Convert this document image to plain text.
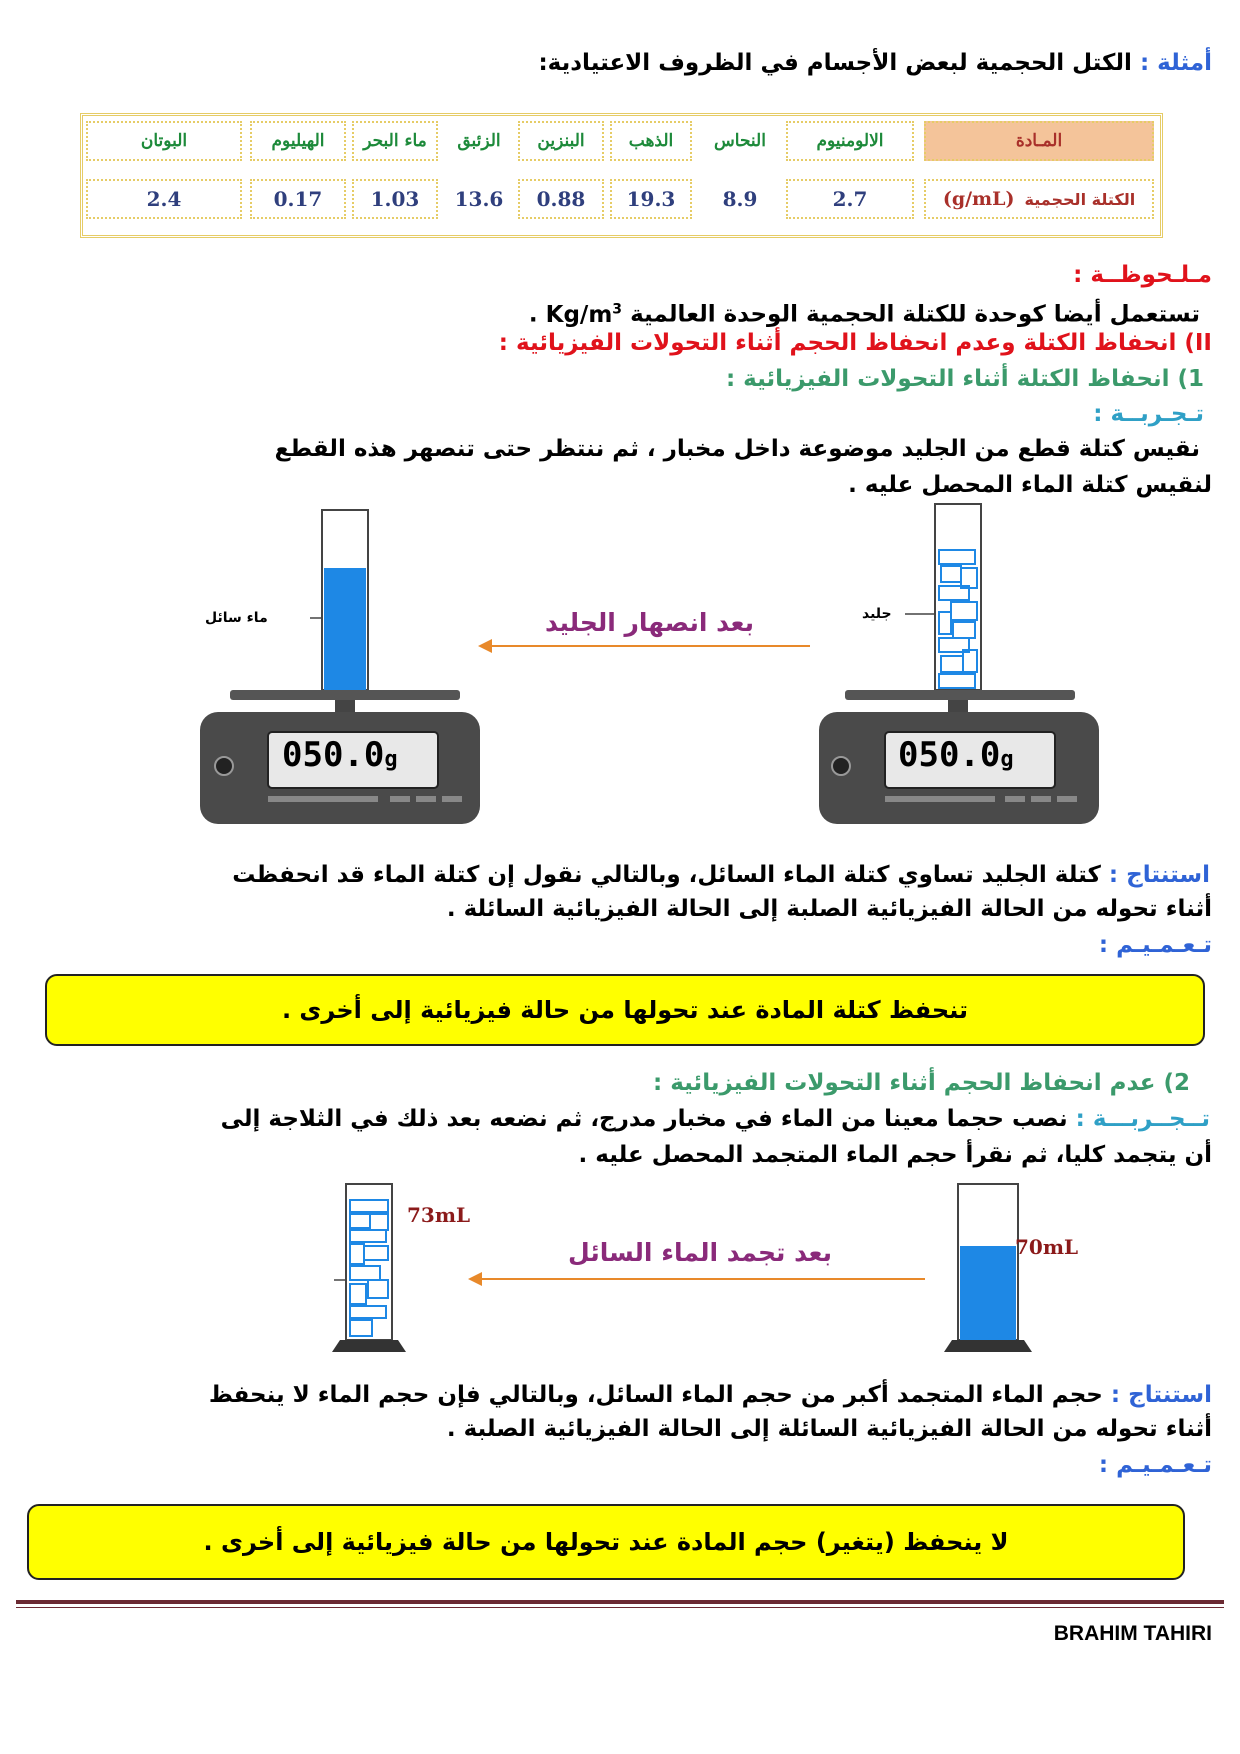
أمثلة : الكتل الحجمية لبعض الأجسام في الظروف الاعتيادية:
المـادة
الكتلة الحجمية
(g/mL)
الالومنيوم
2.7
النحاس
8.9
الذهب
19.3
البنزين
0.88
الزئبق
13.6
ماء البحر
1.03
الهيليوم
0.17
البوتان
2.4
مـلـحوظــة :
تستعمل أيضا كوحدة للكتلة الحجمية الوحدة العالمية $Kg/m^3$ .
II) انحفاظ الكتلة وعدم انحفاظ الحجم أثناء التحولات الفيزيائية :
1) انحفاظ الكتلة أثناء التحولات الفيزيائية :
تـجـربــة :
نقيس كتلة قطع من الجليد موضوعة داخل مخبار ، ثم ننتظر حتى تنصهر هذه القطع
لنقيس كتلة الماء المحصل عليه .
050.0g
ماء سائل	بعد انصهار الجليد
050.0g
جليد
استنتاج : كتلة الجليد تساوي كتلة الماء السائل، وبالتالي نقول إن كتلة الماء قد انحفظت
أثناء تحوله من الحالة الفيزيائية الصلبة إلى الحالة الفيزيائية السائلة .
تـعـمـيـم :
تنحفظ كتلة المادة عند تحولها من حالة فيزيائية إلى أخرى .
2) عدم انحفاظ الحجم أثناء التحولات الفيزيائية :
تــجــربـــة : نصب حجما معينا من الماء في مخبار مدرج، ثم نضعه بعد ذلك في الثلاجة إلى
أن يتجمد كليا، ثم نقرأ حجم الماء المتجمد المحصل عليه .
73mL
بعد تجمد الماء السائل	70mL
استنتاج : حجم الماء المتجمد أكبر من حجم الماء السائل، وبالتالي فإن حجم الماء لا ينحفظ
أثناء تحوله من الحالة الفيزيائية السائلة إلى الحالة الفيزيائية الصلبة .
تـعـمـيـم :
لا ينحفظ (يتغير) حجم المادة عند تحولها من حالة فيزيائية إلى أخرى .
BRAHIM TAHIRI
